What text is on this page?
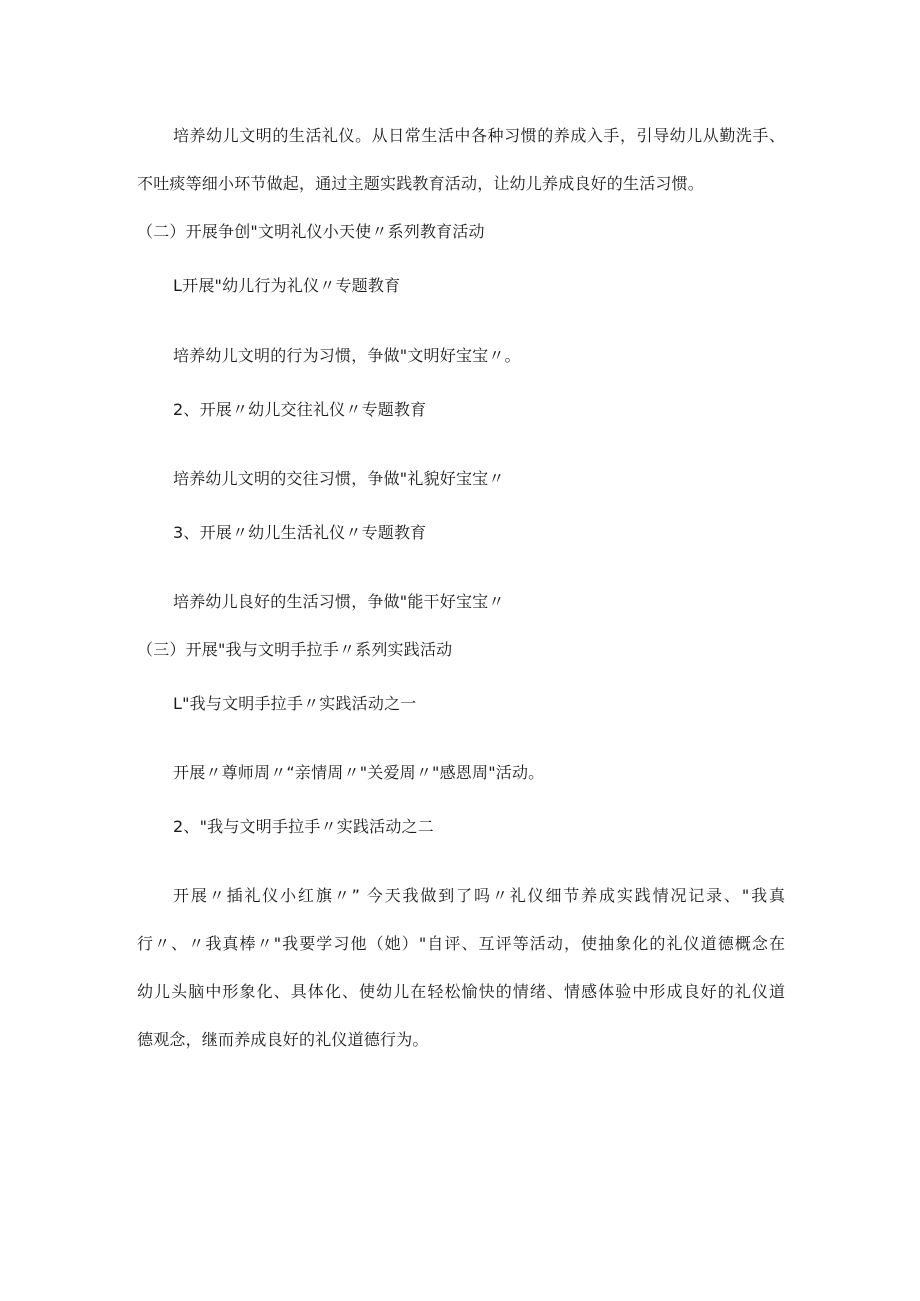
培养幼儿文明的生活礼仪。从日常生活中各种习惯的养成入手，引导幼儿从勤洗手、
不吐痰等细小环节做起，通过主题实践教育活动，让幼儿养成良好的生活习惯。
（二）开展争创"文明礼仪小天使〃系列教育活动
L开展"幼儿行为礼仪〃专题教育
培养幼儿文明的行为习惯，争做"文明好宝宝〃。
2、开展〃幼儿交往礼仪〃专题教育
培养幼儿文明的交往习惯，争做"礼貌好宝宝〃
3、开展〃幼儿生活礼仪〃专题教育
培养幼儿良好的生活习惯，争做"能干好宝宝〃
（三）开展"我与文明手拉手〃系列实践活动
L"我与文明手拉手〃实践活动之一
开展〃尊师周〃“亲情周〃"关爱周〃"感恩周"活动。
2、"我与文明手拉手〃实践活动之二
开展〃插礼仪小红旗〃” 今天我做到了吗〃礼仪细节养成实践情况记录、"我真
行〃、〃我真棒〃"我要学习他（她）"自评、互评等活动，使抽象化的礼仪道德概念在
幼儿头脑中形象化、具体化、使幼儿在轻松愉快的情绪、情感体验中形成良好的礼仪道
德观念，继而养成良好的礼仪道德行为。
